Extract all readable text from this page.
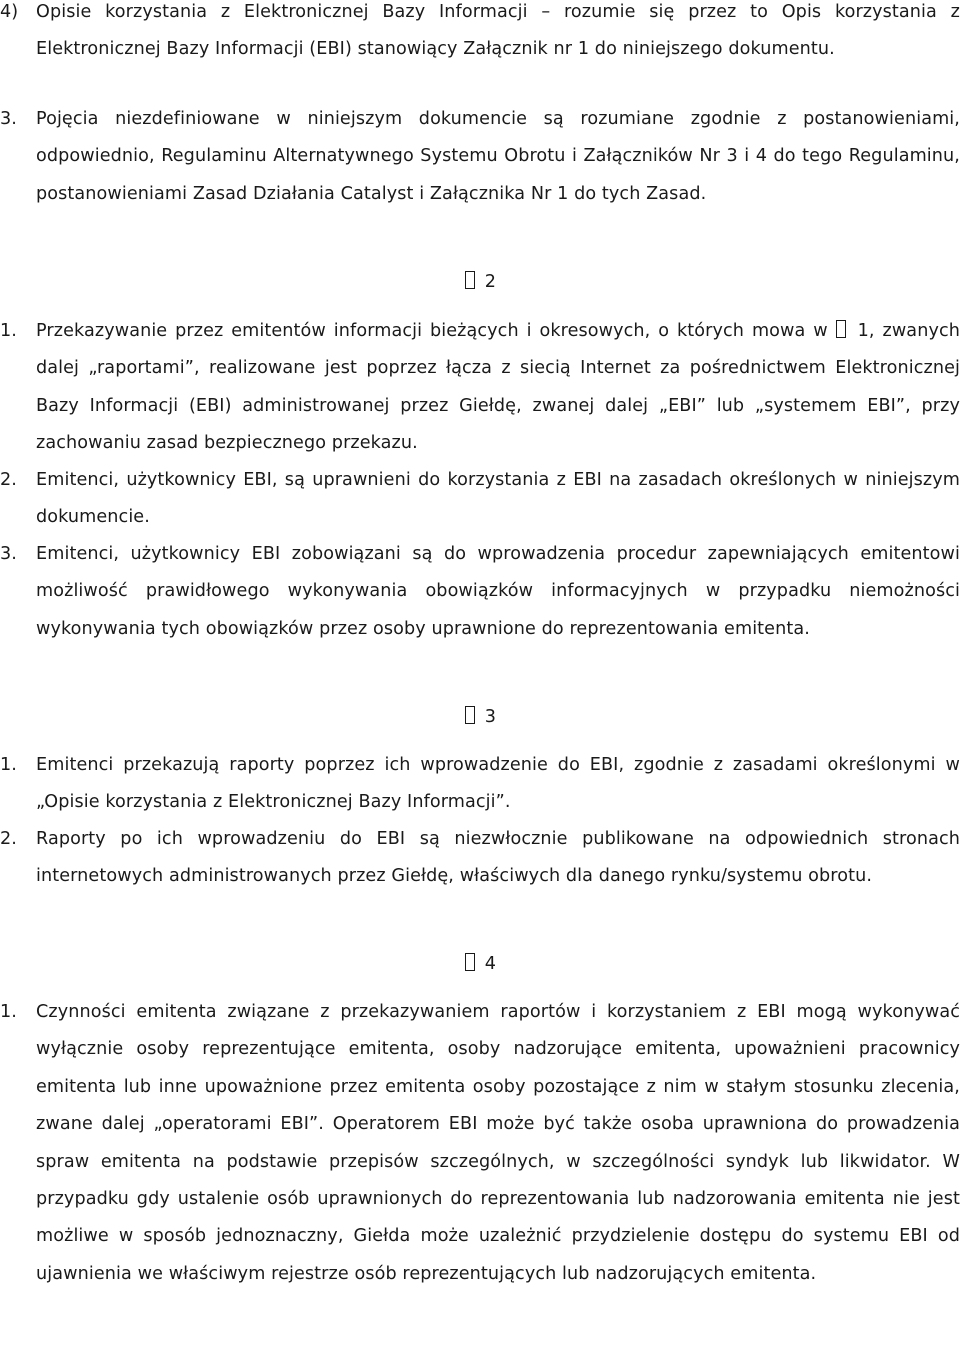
4)	Opisie korzystania z Elektronicznej Bazy Informacji – rozumie się przez to Opis korzystania z Elektronicznej Bazy Informacji (EBI) stanowiący Załącznik nr 1 do niniejszego dokumentu.
3.	Pojęcia niezdefiniowane w niniejszym dokumencie są rozumiane zgodnie z postanowieniami, odpowiednio, Regulaminu Alternatywnego Systemu Obrotu i Załączników Nr 3 i 4 do tego Regulaminu, postanowieniami Zasad Działania Catalyst i Załącznika Nr 1 do tych Zasad.
2
1.	Przekazywanie przez emitentów informacji bieżących i okresowych, o których mowa w
1, zwanych dalej „raportami”, realizowane jest poprzez łącza z siecią Internet za pośrednictwem Elektronicznej Bazy Informacji (EBI) administrowanej przez Giełdę, zwanej dalej „EBI” lub „systemem EBI”, przy zachowaniu zasad bezpiecznego przekazu.
2.	Emitenci, użytkownicy EBI, są uprawnieni do korzystania z EBI na zasadach określonych w niniejszym dokumencie.
3.	Emitenci, użytkownicy EBI zobowiązani są do wprowadzenia procedur zapewniających emitentowi możliwość prawidłowego wykonywania obowiązków informacyjnych w przypadku niemożności wykonywania tych obowiązków przez osoby uprawnione do reprezentowania emitenta.
3
1.	Emitenci przekazują raporty poprzez ich wprowadzenie do EBI, zgodnie z zasadami określonymi w „Opisie korzystania z Elektronicznej Bazy Informacji”.
2.	Raporty po ich wprowadzeniu do EBI są niezwłocznie publikowane na odpowiednich stronach internetowych administrowanych przez Giełdę, właściwych dla danego rynku/systemu obrotu.
4
1.	Czynności emitenta związane z przekazywaniem raportów i korzystaniem z EBI mogą wykonywać wyłącznie osoby reprezentujące emitenta, osoby nadzorujące emitenta, upoważnieni pracownicy emitenta lub inne upoważnione przez emitenta osoby pozostające z nim w stałym stosunku zlecenia, zwane dalej „operatorami EBI”. Operatorem EBI może być także osoba uprawniona do prowadzenia spraw emitenta na podstawie przepisów szczególnych, w szczególności syndyk lub likwidator. W przypadku gdy ustalenie osób uprawnionych do reprezentowania lub nadzorowania emitenta nie jest możliwe w sposób jednoznaczny, Giełda może uzależnić przydzielenie dostępu do systemu EBI od ujawnienia we właściwym rejestrze osób reprezentujących lub nadzorujących emitenta.
